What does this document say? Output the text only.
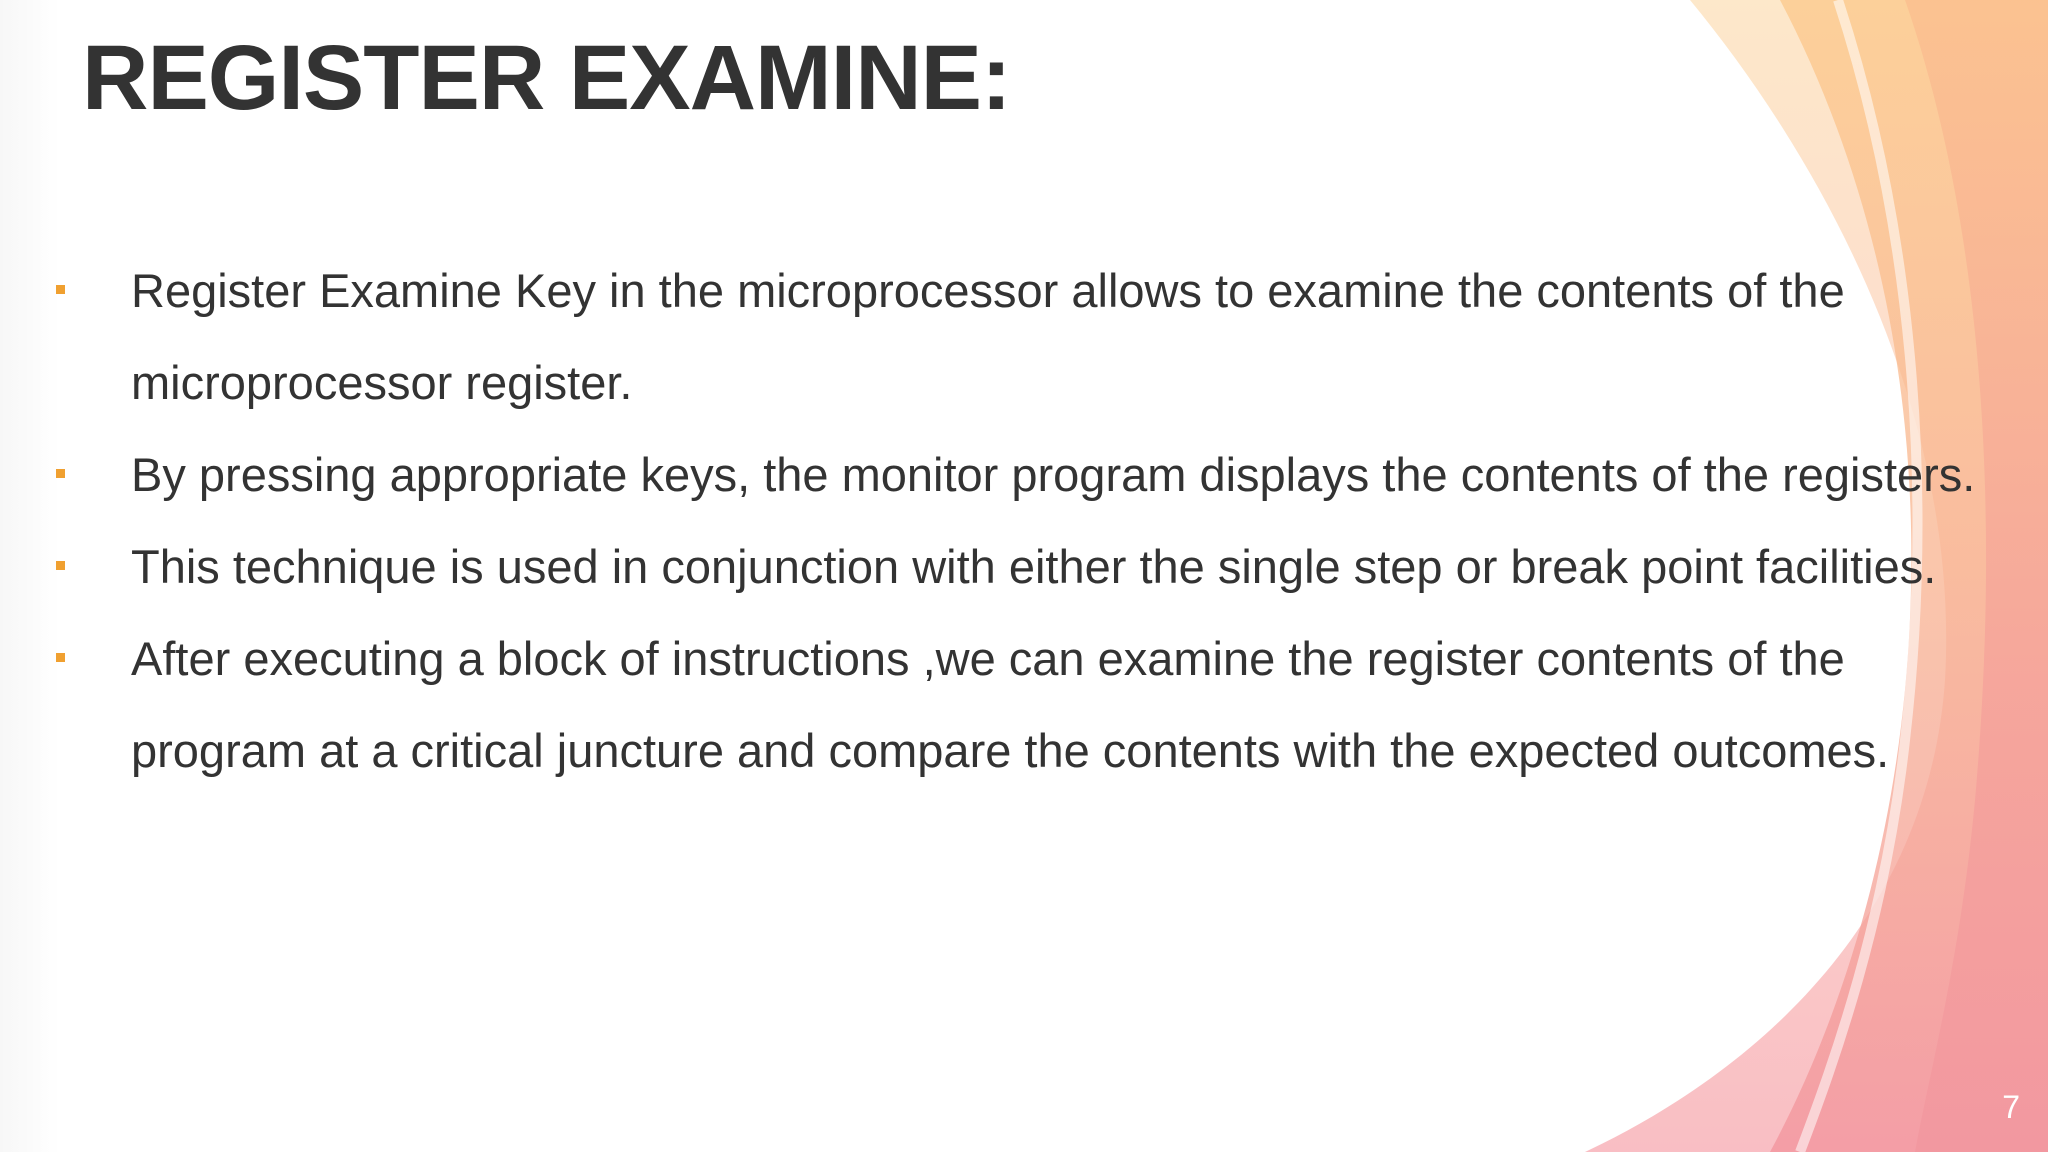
REGISTER EXAMINE:
Register Examine Key in the microprocessor allows to examine the contents of the microprocessor register.
By pressing appropriate keys, the monitor program displays the contents of the registers.
This technique is used in conjunction with either the single step or break point facilities.
After executing a block of instructions ,we can examine the register contents of the program at a critical juncture and compare the contents with the expected outcomes.
7
